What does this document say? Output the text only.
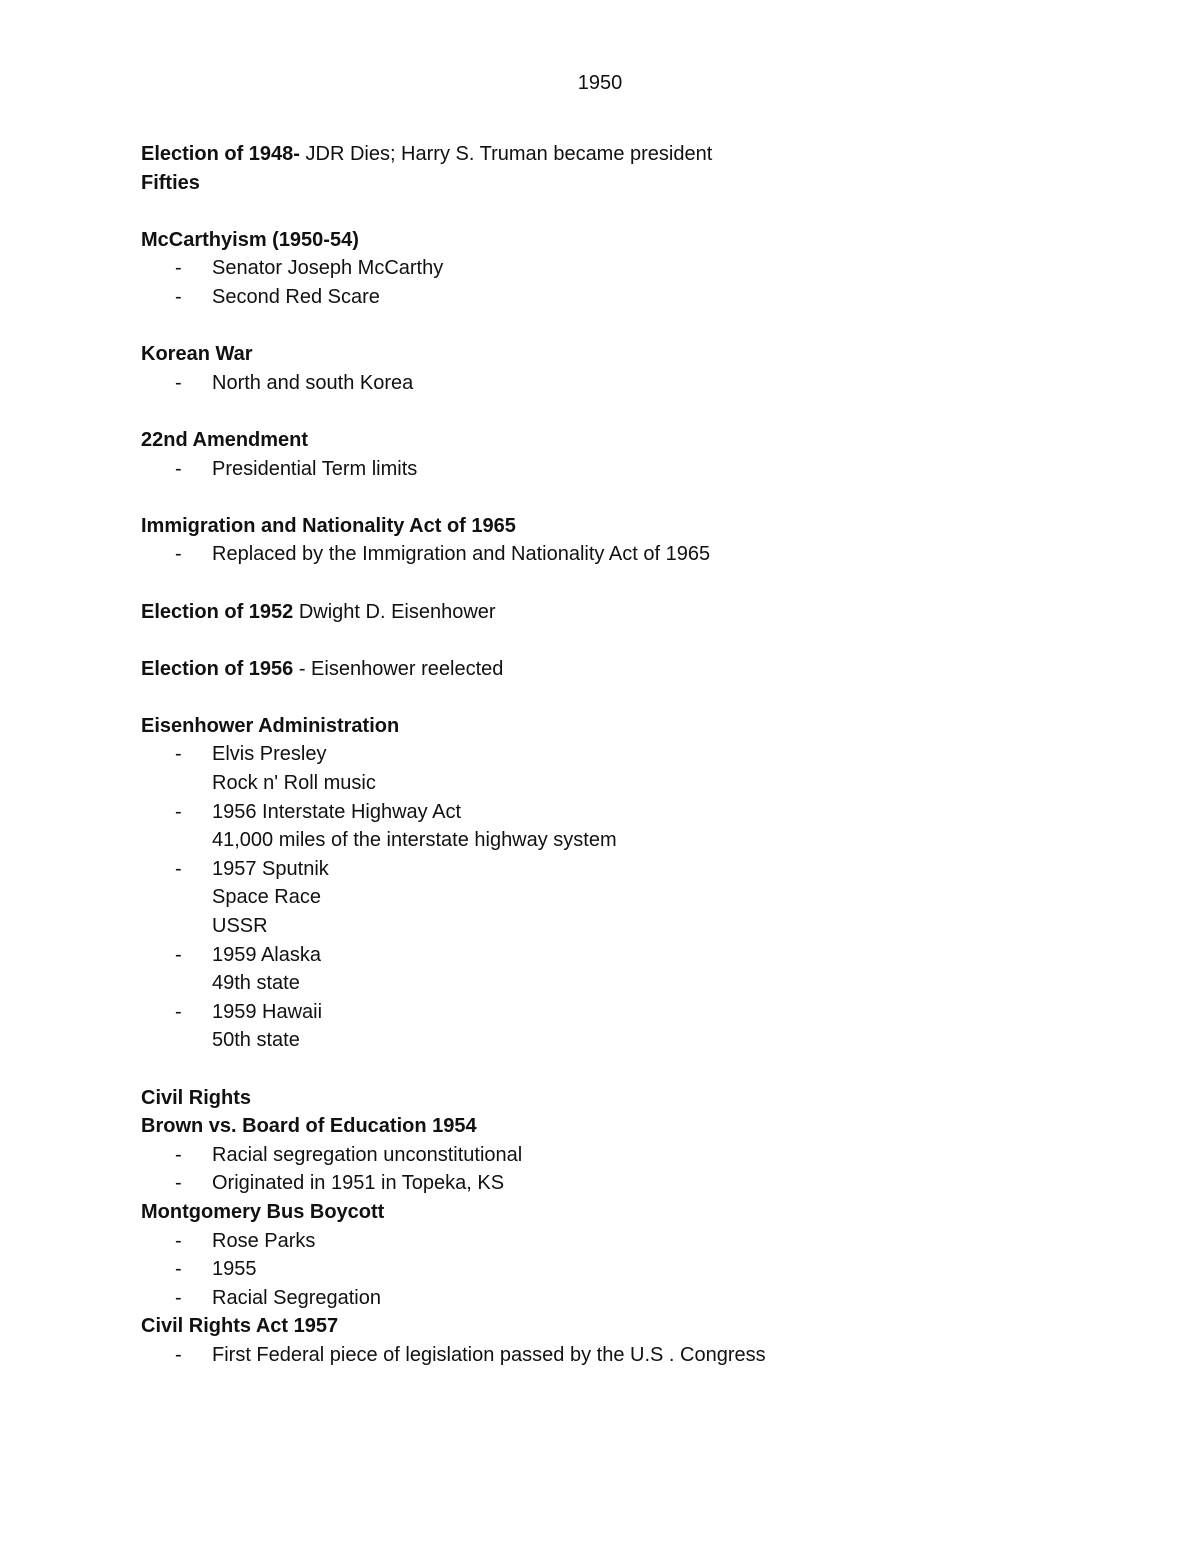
1950
Election of 1948- JDR Dies; Harry S. Truman became president
Fifties
McCarthyism (1950-54)
- Senator Joseph McCarthy
- Second Red Scare
Korean War
- North and south Korea
22nd Amendment
- Presidential Term limits
Immigration and Nationality Act of 1965
- Replaced by the Immigration and Nationality Act of 1965
Election of 1952 Dwight D. Eisenhower
Election of 1956 - Eisenhower reelected
Eisenhower Administration
- Elvis Presley
Rock n' Roll music
- 1956 Interstate Highway Act
41,000 miles of the interstate highway system
- 1957 Sputnik
Space Race
USSR
- 1959 Alaska
49th state
- 1959 Hawaii
50th state
Civil Rights
Brown vs. Board of Education 1954
- Racial segregation unconstitutional
- Originated in 1951 in Topeka, KS
Montgomery Bus Boycott
- Rose Parks
- 1955
- Racial Segregation
Civil Rights Act 1957
- First Federal piece of legislation passed by the U.S . Congress
